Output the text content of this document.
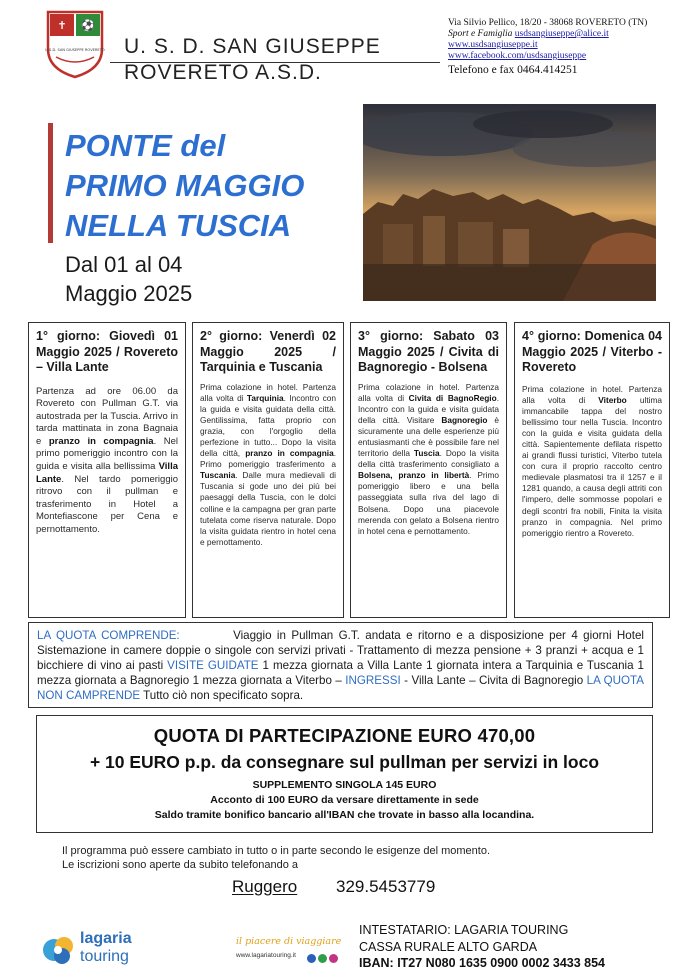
✝ ⚽
U.S.D. SAN GIUSEPPE ROVERETO U. S. D. SAN GIUSEPPE
ROVERETO A.S.D.
Via Silvio Pellico, 18/20 - 38068 ROVERETO (TN)
Sport e Famiglia usdsangiuseppe@alice.it
www.usdsangiuseppe.it
www.facebook.com/usdsangiuseppe
Telefono e fax 0464.414251
PONTE del
PRIMO MAGGIO
NELLA TUSCIA
Dal 01 al 04
Maggio 2025
1° giorno: Giovedì 01 Maggio 2025 / Rovereto – Villa Lante
Partenza ad ore 06.00 da Rovereto con Pullman G.T. via autostrada per la Tuscia. Arrivo in tarda mattinata in zona Bagnaia e pranzo in compagnia. Nel primo pomeriggio incontro con la guida e visita alla bellissima Villa Lante. Nel tardo pomeriggio ritrovo con il pullman e trasferimento in Hotel a Montefiascone per Cena e pernottamento.
2° giorno: Venerdì 02 Maggio 2025 / Tarquinia e Tuscania
Prima colazione in hotel. Partenza alla volta di Tarquinia. Incontro con la guida e visita guidata della città. Gentilissima, fatta proprio con grazia, con l'orgoglio della perfezione in tutto... Dopo la visita della città, pranzo in compagnia. Primo pomeriggio trasferimento a Tuscania. Dalle mura medievali di Tuscania si gode uno dei più bei paesaggi della Tuscia, con le dolci colline e la campagna per gran parte tutelata come riserva naturale. Dopo la visita guidata rientro in hotel cena e pernottamento.
3° giorno: Sabato 03 Maggio 2025 / Civita di Bagnoregio - Bolsena
Prima colazione in hotel. Partenza alla volta di Civita di BagnoRegio. Incontro con la guida e visita guidata della città. Visitare Bagnoregio è sicuramente una delle esperienze più entusiasmanti che è possibile fare nel territorio della Tuscia. Dopo la visita della città trasferimento consigliato a Bolsena, pranzo in libertà. Primo pomeriggio libero e una bella passeggiata sulla riva del lago di Bolsena. Dopo una piacevole merenda con gelato a Bolsena rientro in hotel cena e pernottamento.
4° giorno: Domenica 04 Maggio 2025 / Viterbo -Rovereto
Prima colazione in hotel. Partenza alla volta di Viterbo ultima immancabile tappa del nostro bellissimo tour nella Tuscia. Incontro con la guida e visita guidata della città. Sapientemente defilata rispetto ai grandi flussi turistici, Viterbo tutela con cura il proprio raccolto centro medievale plasmatosi tra il 1257 e il 1281 quando, a causa degli attriti con l'impero, delle sommosse popolari e degli scontri fra nobili, Finita la visita pranzo in compagnia. Nel primo pomeriggio rientro a Rovereto.
LA QUOTA COMPRENDE:	Viaggio in Pullman G.T. andata e ritorno e a disposizione per 4 giorni Hotel Sistemazione in camere doppie o singole con servizi privati - Trattamento di mezza pensione + 3 pranzi + acqua e 1 bicchiere di vino ai pasti VISITE GUIDATE 1 mezza giornata a Villa Lante 1 giornata intera a Tarquinia e Tuscania 1 mezza giornata a Bagnoregio 1 mezza giornata a Viterbo – INGRESSI - Villa Lante – Civita di Bagnoregio LA QUOTA NON CAMPRENDE Tutto ciò non specificato sopra.
QUOTA DI PARTECIPAZIONE EURO 470,00
+ 10 EURO p.p. da consegnare sul pullman per servizi in loco
SUPPLEMENTO SINGOLA 145 EURO
Acconto di 100 EURO da versare direttamente in sede
Saldo tramite bonifico bancario all'IBAN che trovate in basso alla locandina.
Il programma può essere cambiato in tutto o in parte secondo le esigenze del momento.
Le iscrizioni sono aperte da subito telefonando a
Ruggero 329.5453779
lagaria
touring
il piacere di viaggiare
www.lagariatouring.it
INTESTATARIO: LAGARIA TOURING
CASSA RURALE ALTO GARDA
IBAN: IT27 N080 1635 0900 0002 3433 854
